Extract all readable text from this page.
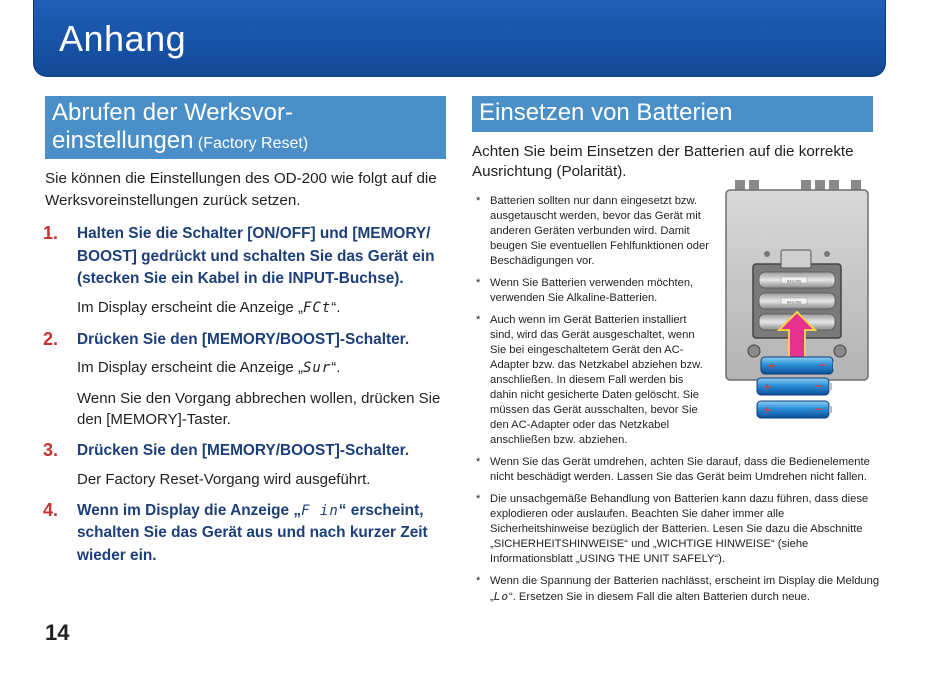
Anhang
Abrufen der Werksvor-
einstellungen (Factory Reset)

Sie können die Einstellungen des OD-200 wie folgt auf die Werksvoreinstellungen zurück setzen.

1.	Halten Sie die Schalter [ON/OFF] und [MEMORY/ BOOST] gedrückt und schalten Sie das Gerät ein (stecken Sie ein Kabel in die INPUT-Buchse).
Im Display erscheint die Anzeige „FCt“.
2.	Drücken Sie den [MEMORY/BOOST]-Schalter.
Im Display erscheint die Anzeige „Sur“.
Wenn Sie den Vorgang abbrechen wollen, drücken Sie den [MEMORY]-Taster.
3.	Drücken Sie den [MEMORY/BOOST]-Schalter.
Der Factory Reset-Vorgang wird ausgeführt.
4.	Wenn im Display die Anzeige „F in“ erscheint, schalten Sie das Gerät aus und nach kurzer Zeit wieder ein.
14
Einsetzen von Batterien

Achten Sie beim Einsetzen der Batterien auf die korrekte Ausrichtung (Polarität).

* Batterien sollten nur dann eingesetzt bzw. ausgetauscht werden, bevor das Gerät mit anderen Geräten verbunden wird. Damit beugen Sie eventuellen Fehlfunktionen oder Beschädigungen vor.
* Wenn Sie Batterien verwenden möchten, verwenden Sie Alkaline-Batterien.
* Auch wenn im Gerät Batterien installiert sind, wird das Gerät ausgeschaltet, wenn Sie bei eingeschaltetem Gerät den AC-Adapter bzw. das Netzkabel abziehen bzw. anschließen. In diesem Fall werden bis dahin nicht gesicherte Daten gelöscht. Sie müssen das Gerät ausschalten, bevor Sie den AC-Adapter oder das Netzkabel anschließen bzw. abziehen.
* Wenn Sie das Gerät umdrehen, achten Sie darauf, dass die Bedienelemente nicht beschädigt werden. Lassen Sie das Gerät beim Umdrehen nicht fallen.
* Die unsachgemäße Behandlung von Batterien kann dazu führen, dass diese explodieren oder auslaufen. Beachten Sie daher immer alle Sicherheitshinweise bezüglich der Batterien. Lesen Sie dazu die Abschnitte „SICHERHEITSHINWEISE“ und „WICHTIGE HINWEISE“ (siehe Informationsblatt „USING THE UNIT SAFELY“).
* Wenn die Spannung der Batterien nachlässt, erscheint im Display die Meldung „Lo“. Ersetzen Sie in diesem Fall die alten Batterien durch neue.
AA (LR6)
AA (LR6)
+	−
+	−
+	−
